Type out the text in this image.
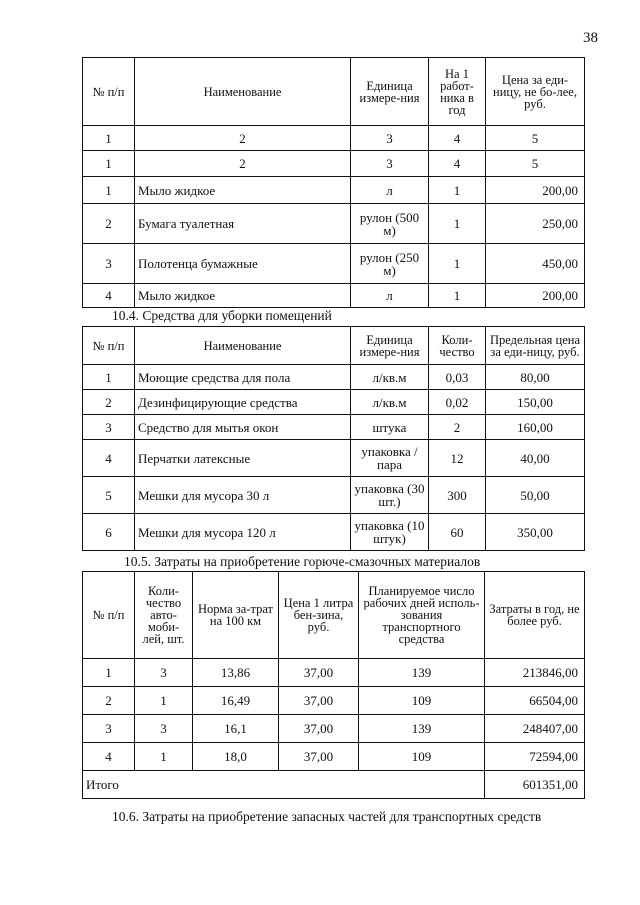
38
№ п/п	Наименование	Единица измере-ния	На 1 работ-ника в год	Цена за еди-ницу, не бо-лее, руб.
1	2	3	4	5
1	2	3	4	5
1	Мыло жидкое	л	1	200,00
2	Бумага туалетная	рулон (500 м)	1	250,00
3	Полотенца бумажные	рулон (250 м)	1	450,00
4	Мыло жидкое	л	1	200,00
10.4. Средства для уборки помещений
№ п/п	Наименование	Единица измере-ния	Коли-чество	Предельная цена за еди-ницу, руб.
1	Моющие средства для пола	л/кв.м	0,03	80,00
2	Дезинфицирующие средства	л/кв.м	0,02	150,00
3	Средство для мытья окон	штука	2	160,00
4	Перчатки латексные	упаковка / пара	12	40,00
5	Мешки для мусора 30 л	упаковка (30 шт.)	300	50,00
6	Мешки для мусора 120 л	упаковка (10 штук)	60	350,00
10.5. Затраты на приобретение горюче-смазочных материалов
№ п/п	Коли-чество авто-моби-лей, шт.	Норма за-трат на 100 км	Цена 1 литра бен-зина, руб.	Планируемое число рабочих дней исполь-зования транспортного средства	Затраты в год, не более руб.
1	3	13,86	37,00	139	213846,00
2	1	16,49	37,00	109	66504,00
3	3	16,1	37,00	139	248407,00
4	1	18,0	37,00	109	72594,00
Итого					601351,00
10.6. Затраты на приобретение запасных частей для транспортных средств
